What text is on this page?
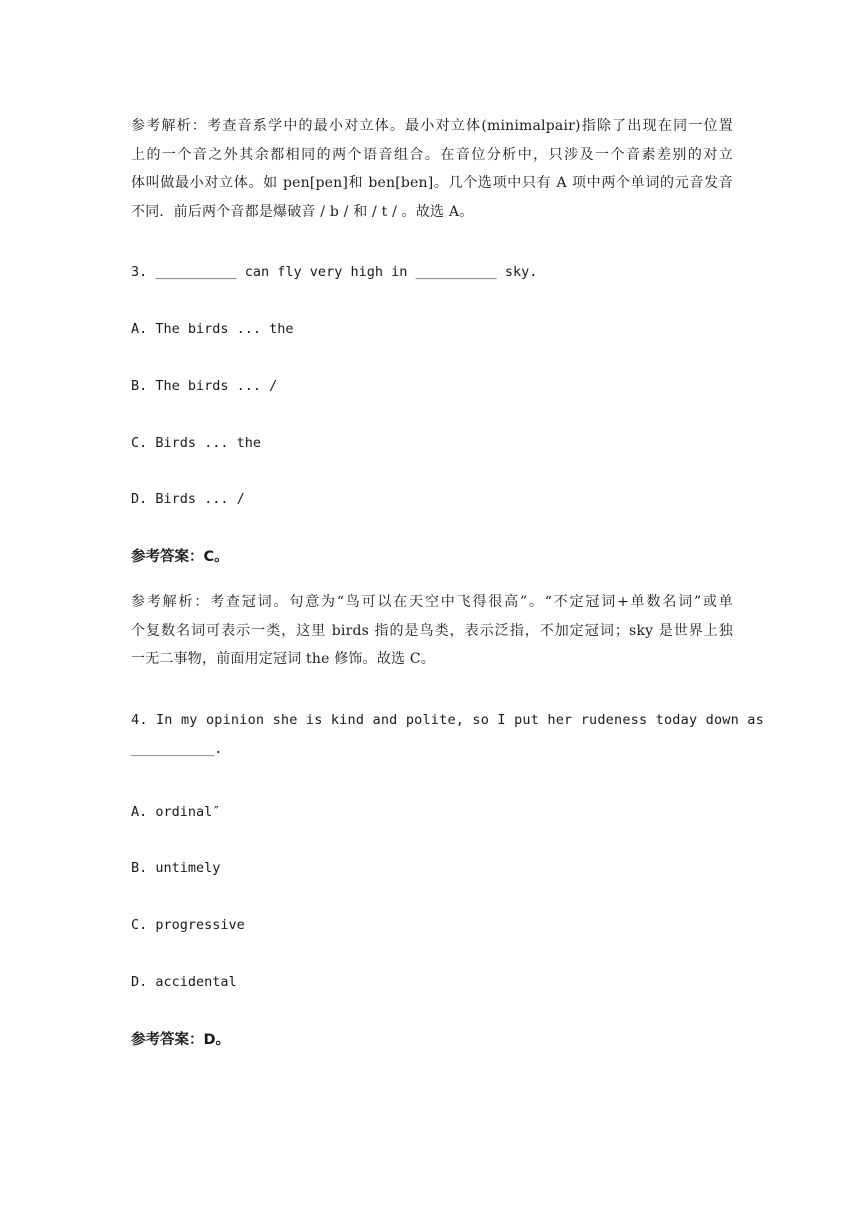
参考解析：考查音系学中的最小对立体。最小对立体(minimalpair)指除了出现在同一位置
上的一个音之外其余都相同的两个语音组合。在音位分析中，只涉及一个音素差别的对立
体叫做最小对立体。如 pen[pen]和 ben[ben]。几个选项中只有 A 项中两个单词的元音发音
不同．前后两个音都是爆破音 / b / 和 / t / 。故选 A。
3. __________ can fly very high in __________ sky.
A. The birds ... the
B. The birds ... /
C. Birds ... the
D. Birds ... /
参考答案：C。
参考解析：考查冠词。句意为“鸟可以在天空中飞得很高”。“不定冠词+单数名词”或单
个复数名词可表示一类，这里 birds 指的是鸟类，表示泛指，不加定冠词；sky 是世界上独
一无二事物，前面用定冠词 the 修饰。故选 C。
4. In my opinion she is kind and polite, so I put her rudeness today down as
__________.
A. ordinal″
B. untimely
C. progressive
D. accidental
参考答案：D。
